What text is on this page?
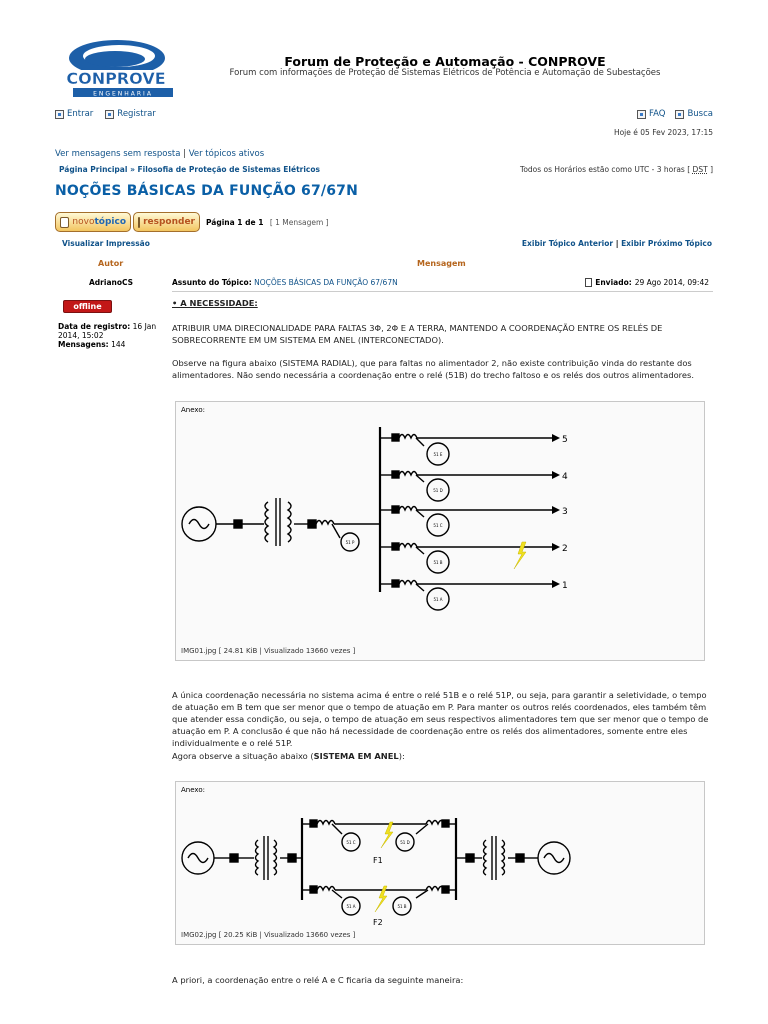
CONPROVE
ENGENHARIA
Forum de Proteção e Automação - CONPROVE
Forum com informações de Proteção de Sistemas Elétricos de Potência e Automação de Subestações
Entrar	Registrar	FAQ	Busca
Hoje é 05 Fev 2023, 17:15
Ver mensagens sem resposta | Ver tópicos ativos
Página Principal » Filosofia de Proteção de Sistemas Elétricos	Todos os Horários estão como UTC - 3 horas [ DST ]
NOÇÕES BÁSICAS DA FUNÇÃO 67/67N
novo tópico responder Página 1 de 1 [ 1 Mensagem ]
Visualizar Impressão	Exibir Tópico Anterior | Exibir Próximo Tópico
Autor	Mensagem
AdrianoCS
offline
Data de registro: 16 Jan 2014, 15:02
Mensagens: 144
Assunto do Tópico: NOÇÕES BÁSICAS DA FUNÇÃO 67/67N	Enviado: 29 Ago 2014, 09:42
• A NECESSIDADE:
ATRIBUIR UMA DIRECIONALIDADE PARA FALTAS 3Φ, 2Φ E A TERRA, MANTENDO A COORDENAÇÃO ENTRE OS RELÉS DE SOBRECORRENTE EM UM SISTEMA EM ANEL (INTERCONECTADO).
Observe na figura abaixo (SISTEMA RADIAL), que para faltas no alimentador 2, não existe contribuição vinda do restante dos alimentadores. Não sendo necessária a coordenação entre o relé (51B) do trecho faltoso e os relés dos outros alimentadores.
Anexo:
51 P
51 E
51 D
51 C
51 B
51 A
5
4
3
2
1
IMG01.jpg [ 24.81 KiB | Visualizado 13660 vezes ]
A única coordenação necessária no sistema acima é entre o relé 51B e o relé 51P, ou seja, para garantir a seletividade, o tempo de atuação em B tem que ser menor que o tempo de atuação em P. Para manter os outros relés coordenados, eles também têm que atender essa condição, ou seja, o tempo de atuação em seus respectivos alimentadores tem que ser menor que o tempo de atuação em P. A conclusão é que não há necessidade de coordenação entre os relés dos alimentadores, somente entre eles individualmente e o relé 51P.
Agora observe a situação abaixo (SISTEMA EM ANEL):
Anexo:
51 C	51 D
51 A	51 B
F1
F2
IMG02.jpg [ 20.25 KiB | Visualizado 13660 vezes ]
A priori, a coordenação entre o relé A e C ficaria da seguinte maneira:
